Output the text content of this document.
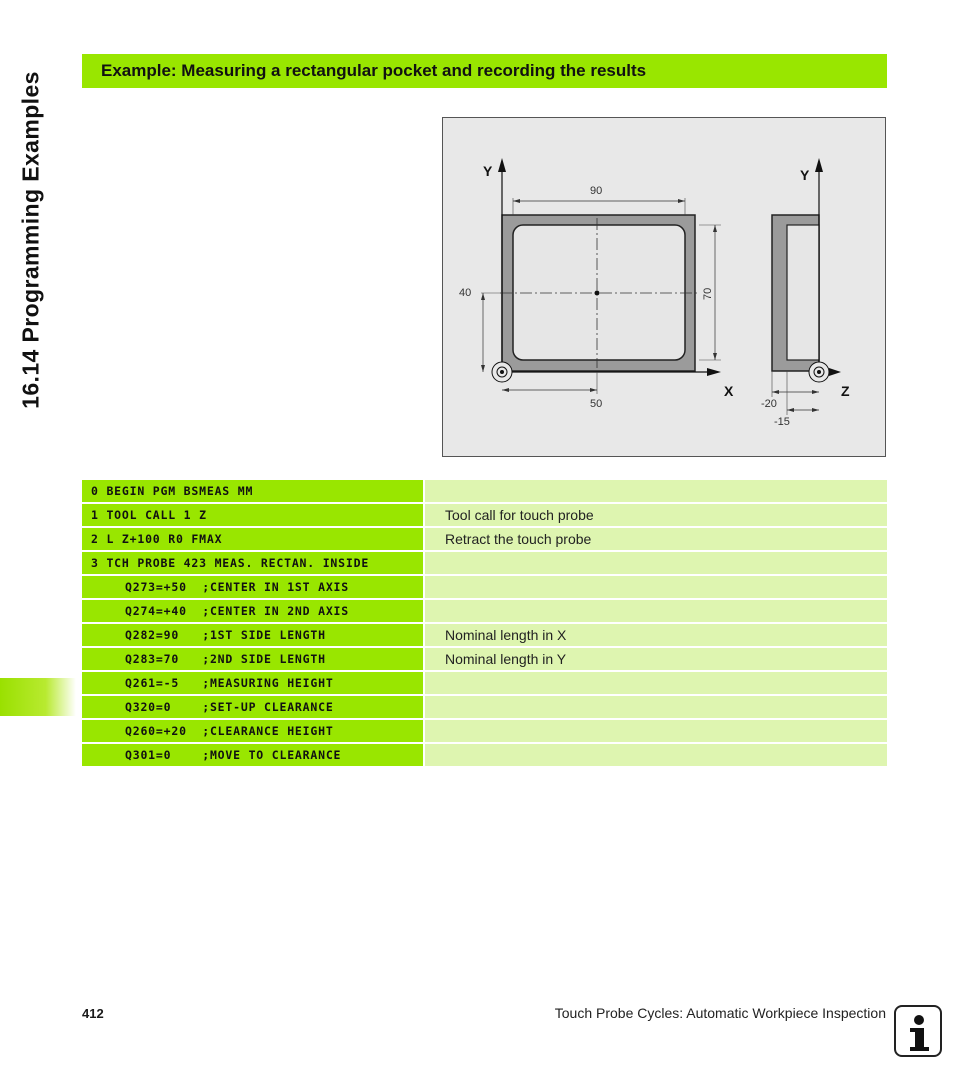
16.14 Programming Examples
Example: Measuring a rectangular pocket and recording the results
Y
X
90
70
40
50
Y
Z
-20
-15
0 BEGIN PGM BSMEAS MM
1 TOOL CALL 1 Z	Tool call for touch probe
2 L Z+100 R0 FMAX	Retract the touch probe
3 TCH PROBE 423 MEAS. RECTAN. INSIDE
Q273=+50  ;CENTER IN 1ST AXIS
Q274=+40  ;CENTER IN 2ND AXIS
Q282=90   ;1ST SIDE LENGTH	Nominal length in X
Q283=70   ;2ND SIDE LENGTH	Nominal length in Y
Q261=-5   ;MEASURING HEIGHT
Q320=0    ;SET-UP CLEARANCE
Q260=+20  ;CLEARANCE HEIGHT
Q301=0    ;MOVE TO CLEARANCE
412	Touch Probe Cycles: Automatic Workpiece Inspection
